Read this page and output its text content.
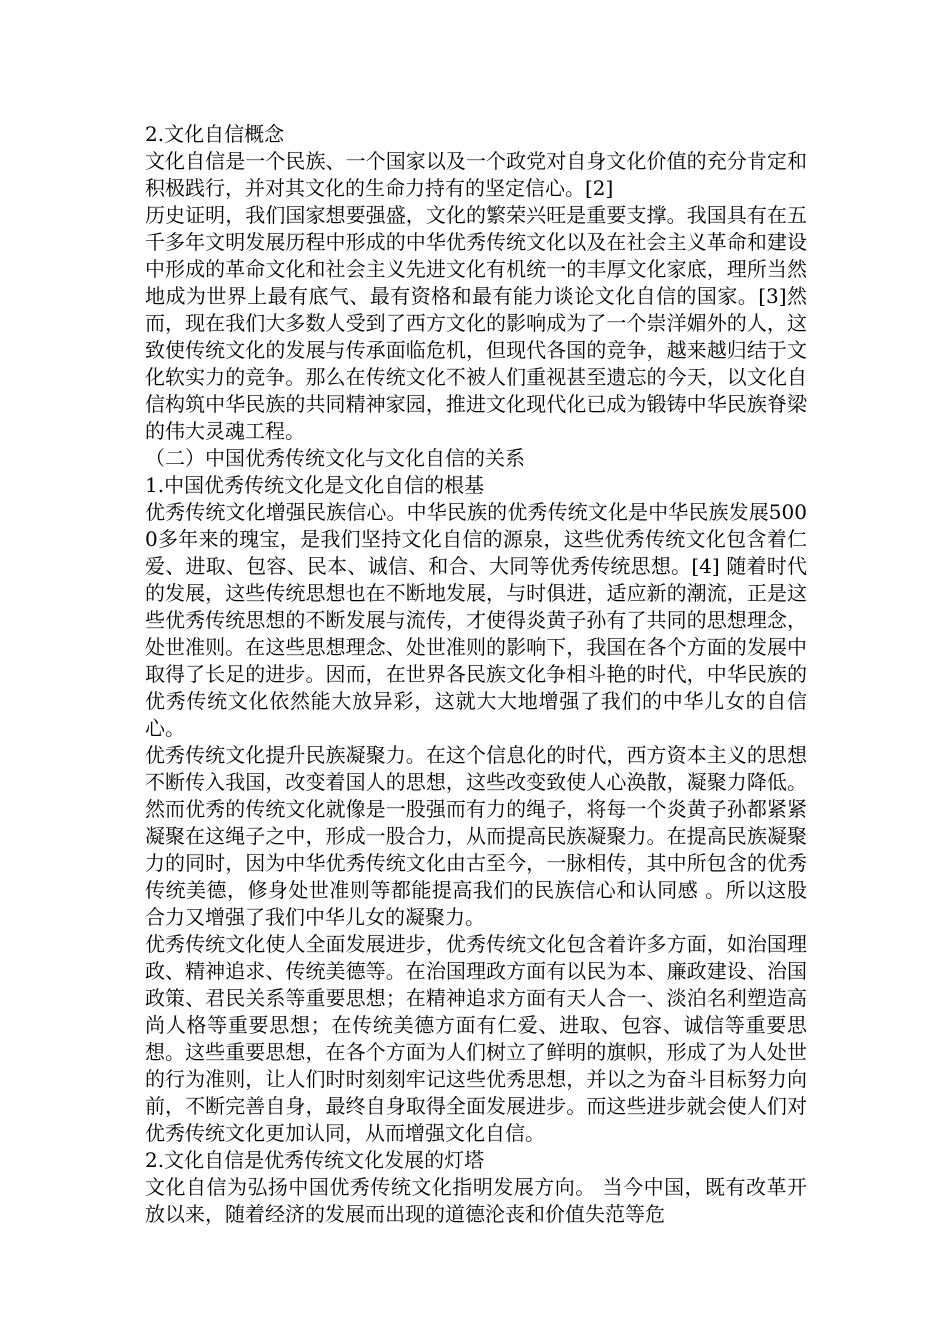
2.文化自信概念

文化自信是一个民族、一个国家以及一个政党对自身文化价值的充分肯定和积极践行，并对其文化的生命力持有的坚定信心。[2]

历史证明，我们国家想要强盛，文化的繁荣兴旺是重要支撑。我国具有在五千多年文明发展历程中形成的中华优秀传统文化以及在社会主义革命和建设中形成的革命文化和社会主义先进文化有机统一的丰厚文化家底，理所当然地成为世界上最有底气、最有资格和最有能力谈论文化自信的国家。[3]然而，现在我们大多数人受到了西方文化的影响成为了一个崇洋媚外的人，这致使传统文化的发展与传承面临危机，但现代各国的竞争，越来越归结于文化软实力的竞争。那么在传统文化不被人们重视甚至遗忘的今天，以文化自信构筑中华民族的共同精神家园，推进文化现代化已成为锻铸中华民族脊梁的伟大灵魂工程。

（二）中国优秀传统文化与文化自信的关系

1.中国优秀传统文化是文化自信的根基

优秀传统文化增强民族信心。中华民族的优秀传统文化是中华民族发展5000多年来的瑰宝，是我们坚持文化自信的源泉，这些优秀传统文化包含着仁爱、进取、包容、民本、诚信、和合、大同等优秀传统思想。[4] 随着时代的发展，这些传统思想也在不断地发展，与时俱进，适应新的潮流，正是这些优秀传统思想的不断发展与流传，才使得炎黄子孙有了共同的思想理念，处世准则。在这些思想理念、处世准则的影响下，我国在各个方面的发展中取得了长足的进步。因而，在世界各民族文化争相斗艳的时代，中华民族的优秀传统文化依然能大放异彩，这就大大地增强了我们的中华儿女的自信心。

优秀传统文化提升民族凝聚力。在这个信息化的时代，西方资本主义的思想不断传入我国，改变着国人的思想，这些改变致使人心涣散，凝聚力降低。然而优秀的传统文化就像是一股强而有力的绳子，将每一个炎黄子孙都紧紧凝聚在这绳子之中，形成一股合力，从而提高民族凝聚力。在提高民族凝聚力的同时，因为中华优秀传统文化由古至今，一脉相传，其中所包含的优秀传统美德，修身处世准则等都能提高我们的民族信心和认同感 。所以这股合力又增强了我们中华儿女的凝聚力。

优秀传统文化使人全面发展进步，优秀传统文化包含着许多方面，如治国理政、精神追求、传统美德等。在治国理政方面有以民为本、廉政建设、治国政策、君民关系等重要思想；在精神追求方面有天人合一、淡泊名利塑造高尚人格等重要思想；在传统美德方面有仁爱、进取、包容、诚信等重要思想。这些重要思想，在各个方面为人们树立了鲜明的旗帜，形成了为人处世的行为准则，让人们时时刻刻牢记这些优秀思想，并以之为奋斗目标努力向前，不断完善自身，最终自身取得全面发展进步。而这些进步就会使人们对优秀传统文化更加认同，从而增强文化自信。

2.文化自信是优秀传统文化发展的灯塔

文化自信为弘扬中国优秀传统文化指明发展方向。 当今中国，既有改革开放以来，随着经济的发展而出现的道德沦丧和价值失范等危
